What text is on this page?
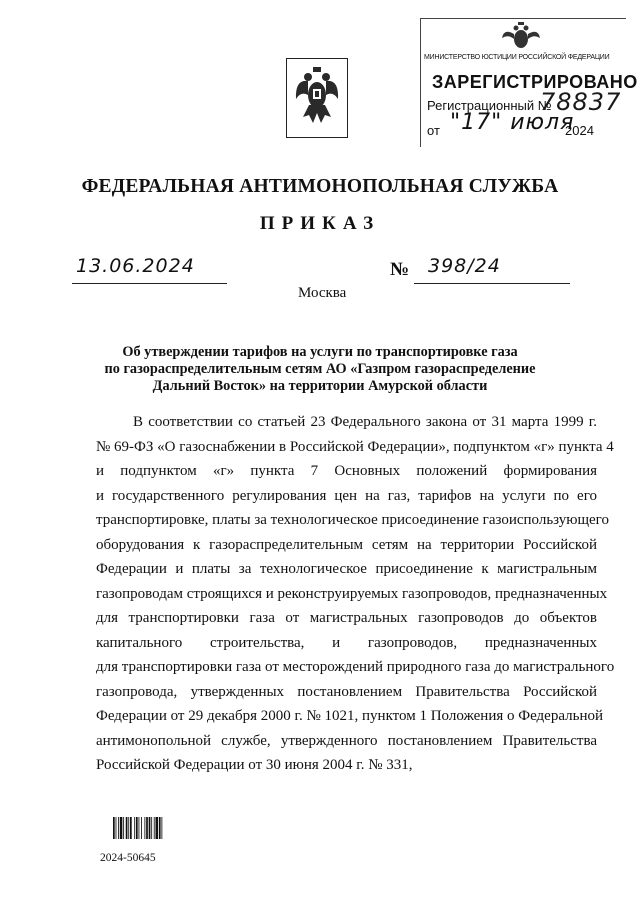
МИНИСТЕРСТВО ЮСТИЦИИ РОССИЙСКОЙ ФЕДЕРАЦИИ
ЗАРЕГИСТРИРОВАНО
Регистрационный №
78837
от "17" июля
2024
ФЕДЕРАЛЬНАЯ АНТИМОНОПОЛЬНАЯ СЛУЖБА
ПРИКАЗ
13.06.2024
Москва
№ 398/24
Об утверждении тарифов на услуги по транспортировке газа
по газораспределительным сетям АО «Газпром газораспределение
Дальний Восток» на территории Амурской области
В соответствии со статьей 23 Федерального закона от 31 марта 1999 г.
№ 69-ФЗ «О газоснабжении в Российской Федерации», подпунктом «г» пункта 4
и подпунктом «г» пункта 7 Основных положений формирования
и государственного регулирования цен на газ, тарифов на услуги по его
транспортировке, платы за технологическое присоединение газоиспользующего
оборудования к газораспределительным сетям на территории Российской
Федерации и платы за технологическое присоединение к магистральным
газопроводам строящихся и реконструируемых газопроводов, предназначенных
для транспортировки газа от магистральных газопроводов до объектов
капитального строительства, и газопроводов, предназначенных
для транспортировки газа от месторождений природного газа до магистрального
газопровода, утвержденных постановлением Правительства Российской
Федерации от 29 декабря 2000 г. № 1021, пунктом 1 Положения о Федеральной
антимонопольной службе, утвержденного постановлением Правительства
Российской Федерации от 30 июня 2004 г. № 331,
2024-50645
